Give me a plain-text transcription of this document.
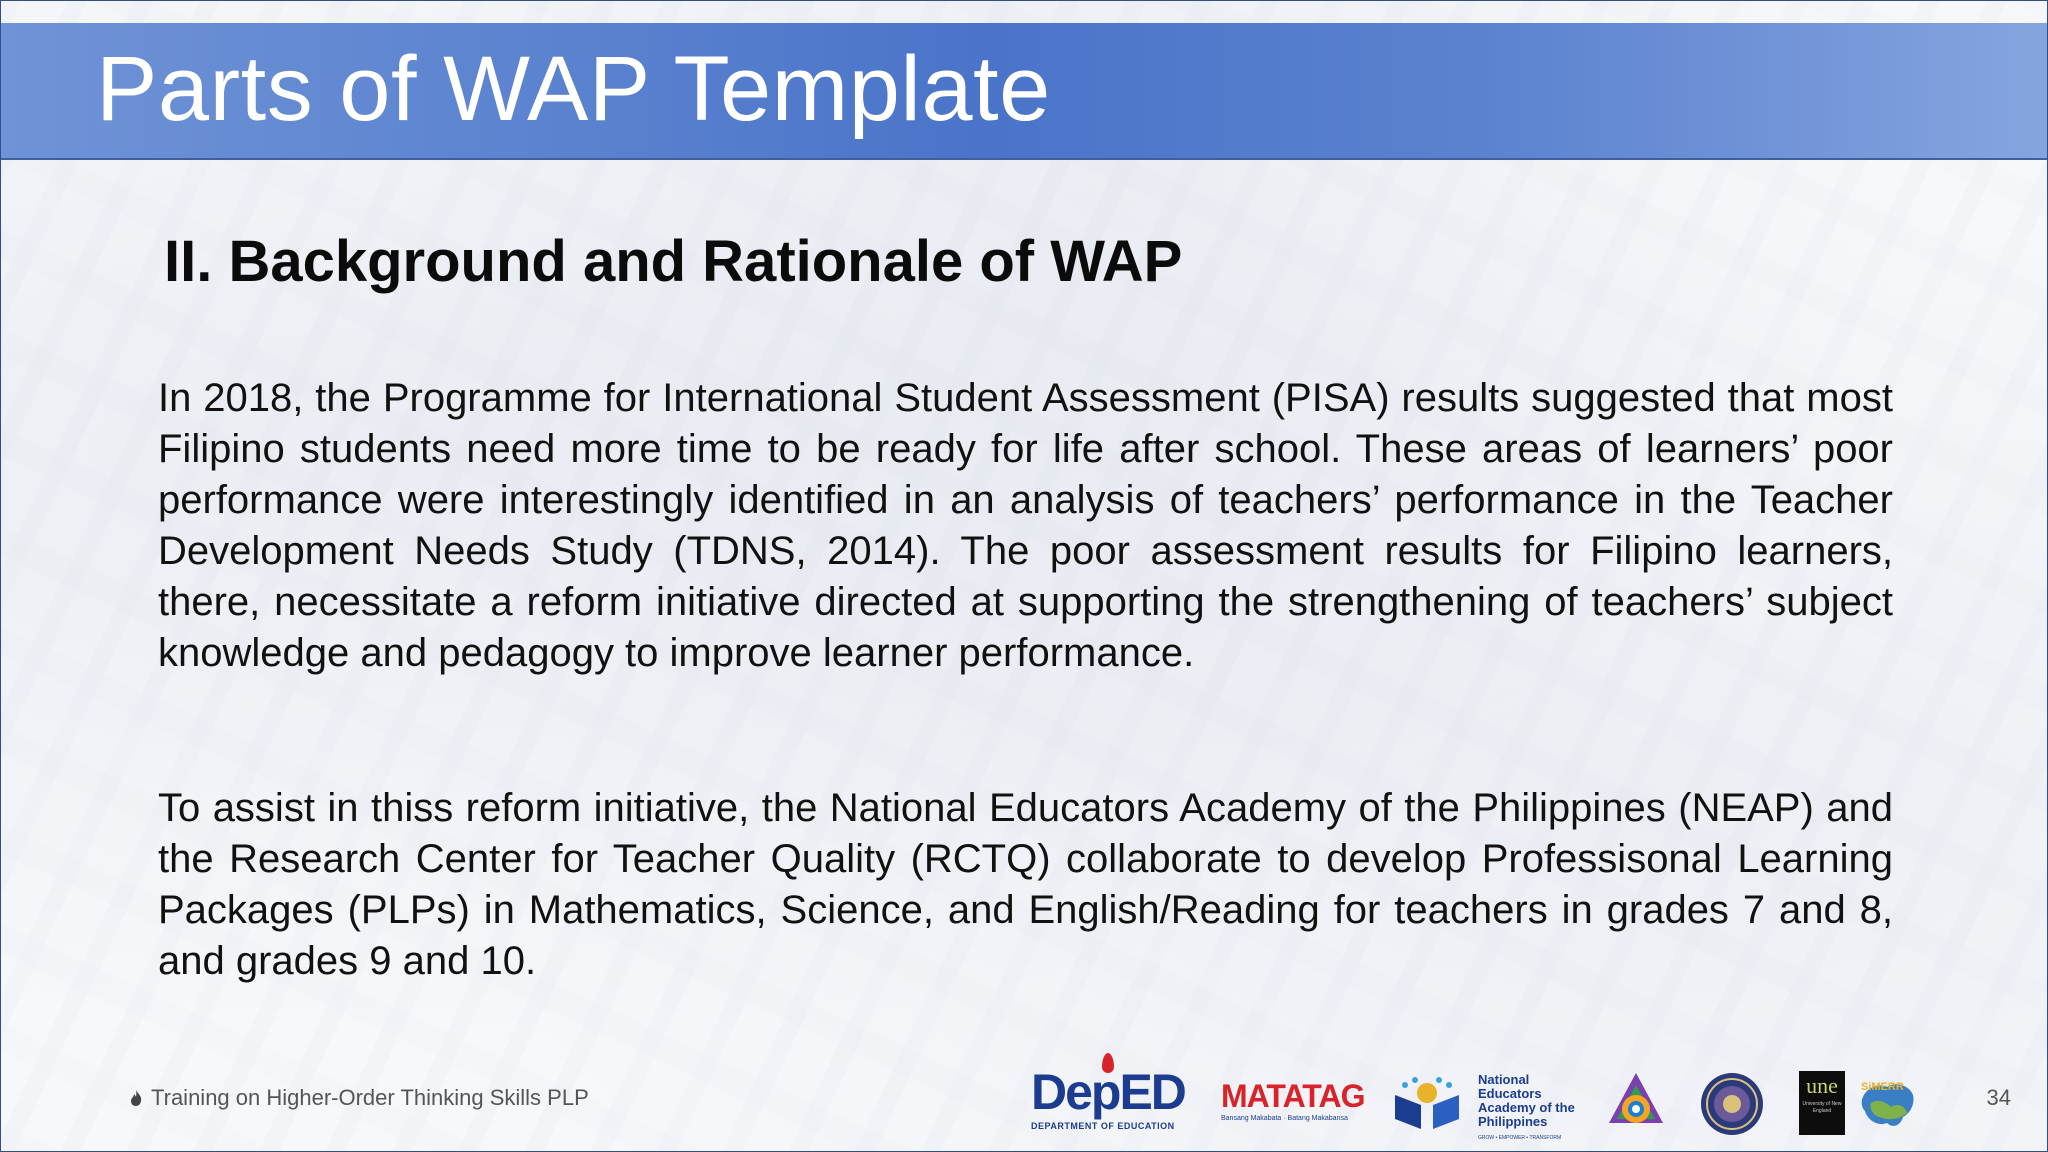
Parts of WAP Template
II. Background and Rationale of WAP

In 2018, the Programme for International Student Assessment (PISA) results suggested that most Filipino students need more time to be ready for life after school. These areas of learners’ poor performance were interestingly identified in an analysis of teachers’ performance in the Teacher Development Needs Study (TDNS, 2014). The poor assessment results for Filipino learners, there, necessitate a reform initiative directed at supporting the strengthening of teachers’ subject knowledge and pedagogy to improve learner performance.

To assist in thiss reform initiative, the National Educators Academy of the Philippines (NEAP) and the Research Center for Teacher Quality (RCTQ) collaborate to develop Professisonal Learning Packages (PLPs) in Mathematics, Science, and English/Reading for teachers in grades 7 and 8, and grades 9 and 10.

Training on Higher-Order Thinking Skills PLP	DepED
DEPARTMENT OF EDUCATION
MATATAG
Bansang Makabata · Batang Makabansa
National
Educators
Academy of the
Philippines
GROW • EMPOWER • TRANSFORM
une
University of New England
SiMERR	34
